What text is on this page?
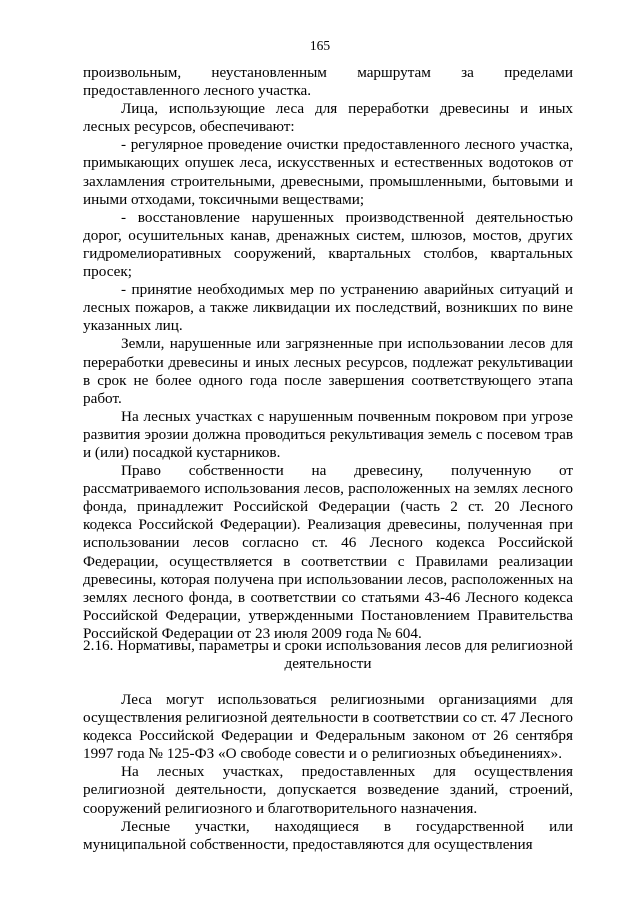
165

произвольным, неустановленным маршрутам за пределами предоставленного лесного участка.

Лица, использующие леса для переработки древесины и иных лесных ресурсов, обеспечивают:

- регулярное проведение очистки предоставленного лесного участка, примыкающих опушек леса, искусственных и естественных водотоков от захламления строительными, древесными, промышленными, бытовыми и иными отходами, токсичными веществами;

- восстановление нарушенных производственной деятельностью дорог, осушительных канав, дренажных систем, шлюзов, мостов, других гидромелиоративных сооружений, квартальных столбов, квартальных просек;

- принятие необходимых мер по устранению аварийных ситуаций и лесных пожаров, а также ликвидации их последствий, возникших по вине указанных лиц.

Земли, нарушенные или загрязненные при использовании лесов для переработки древесины и иных лесных ресурсов, подлежат рекультивации в срок не более одного года после завершения соответствующего этапа работ.

На лесных участках с нарушенным почвенным покровом при угрозе развития эрозии должна проводиться рекультивация земель с посевом трав и (или) посадкой кустарников.

Право собственности на древесину, полученную от рассматриваемого использования лесов, расположенных на землях лесного фонда, принадлежит Российской Федерации (часть 2 ст. 20 Лесного кодекса Российской Федерации). Реализация древесины, полученная при использовании лесов согласно ст. 46 Лесного кодекса Российской Федерации, осуществляется в соответствии с Правилами реализации древесины, которая получена при использовании лесов, расположенных на землях лесного фонда, в соответствии со статьями 43-46 Лесного кодекса Российской Федерации, утвержденными Постановлением Правительства Российской Федерации от 23 июля 2009 года № 604.

2.16. Нормативы, параметры и сроки использования лесов для религиозной
деятельности

Леса могут использоваться религиозными организациями для осуществления религиозной деятельности в соответствии со ст. 47 Лесного кодекса Российской Федерации и Федеральным законом от 26 сентября 1997 года № 125-ФЗ «О свободе совести и о религиозных объединениях».

На лесных участках, предоставленных для осуществления религиозной деятельности, допускается возведение зданий, строений, сооружений религиозного и благотворительного назначения.

Лесные участки, находящиеся в государственной или муниципальной собственности, предоставляются для осуществления
